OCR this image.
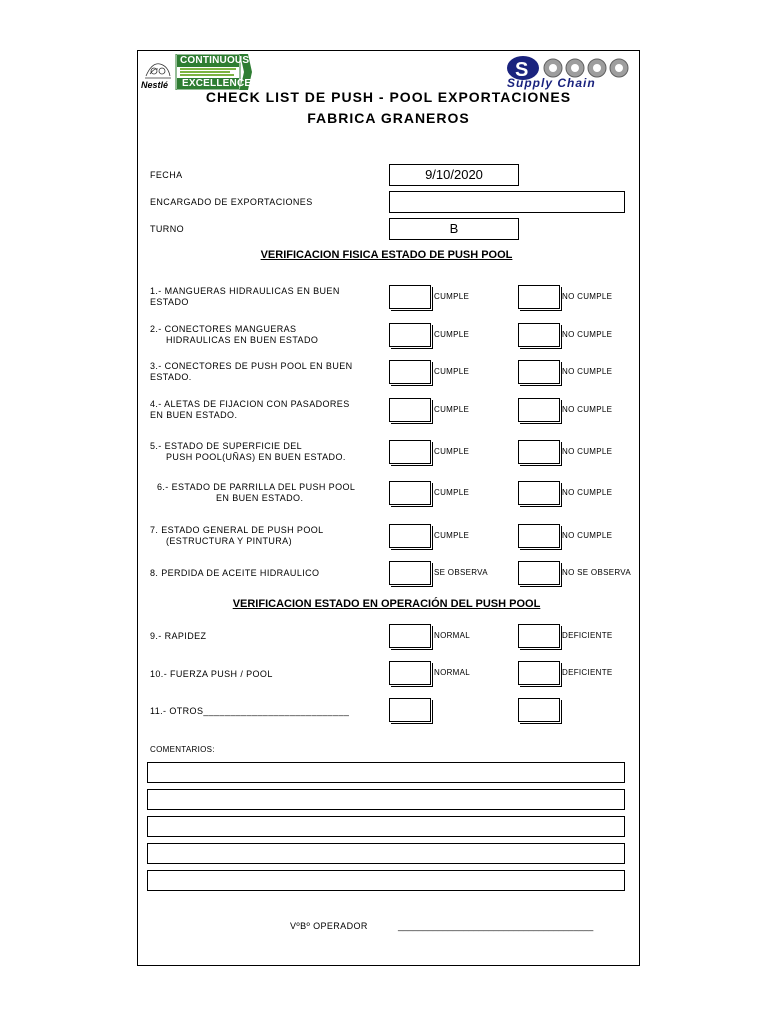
Nestlé
CONTINUOUS
EXCELLENCE
S
Supply Chain
CHECK LIST DE PUSH - POOL EXPORTACIONES
FABRICA GRANEROS
FECHA	9/10/2020
ENCARGADO DE EXPORTACIONES
TURNO	B
VERIFICACION FISICA ESTADO DE PUSH POOL
1.- MANGUERAS HIDRAULICAS EN BUEN
ESTADO
CUMPLE	NO CUMPLE
2.- CONECTORES MANGUERAS
HIDRAULICAS EN BUEN ESTADO
CUMPLE	NO CUMPLE
3.- CONECTORES DE PUSH POOL EN BUEN
ESTADO.
CUMPLE	NO CUMPLE
4.- ALETAS DE FIJACION CON PASADORES
EN BUEN ESTADO.
CUMPLE	NO CUMPLE
5.- ESTADO DE SUPERFICIE DEL
PUSH POOL(UÑAS) EN BUEN ESTADO.
CUMPLE	NO CUMPLE
6.- ESTADO DE PARRILLA DEL PUSH POOL
EN BUEN ESTADO.
CUMPLE	NO CUMPLE
7. ESTADO GENERAL DE PUSH POOL
(ESTRUCTURA Y PINTURA)
CUMPLE	NO CUMPLE
8. PERDIDA DE ACEITE HIDRAULICO	SE OBSERVA	NO SE OBSERVA
VERIFICACION ESTADO EN OPERACIÓN DEL PUSH POOL
9.- RAPIDEZ	NORMAL	DEFICIENTE
10.- FUERZA PUSH / POOL	NORMAL	DEFICIENTE
11.- OTROS___________________________
COMENTARIOS:
VºBº OPERADOR	_______________________________________
